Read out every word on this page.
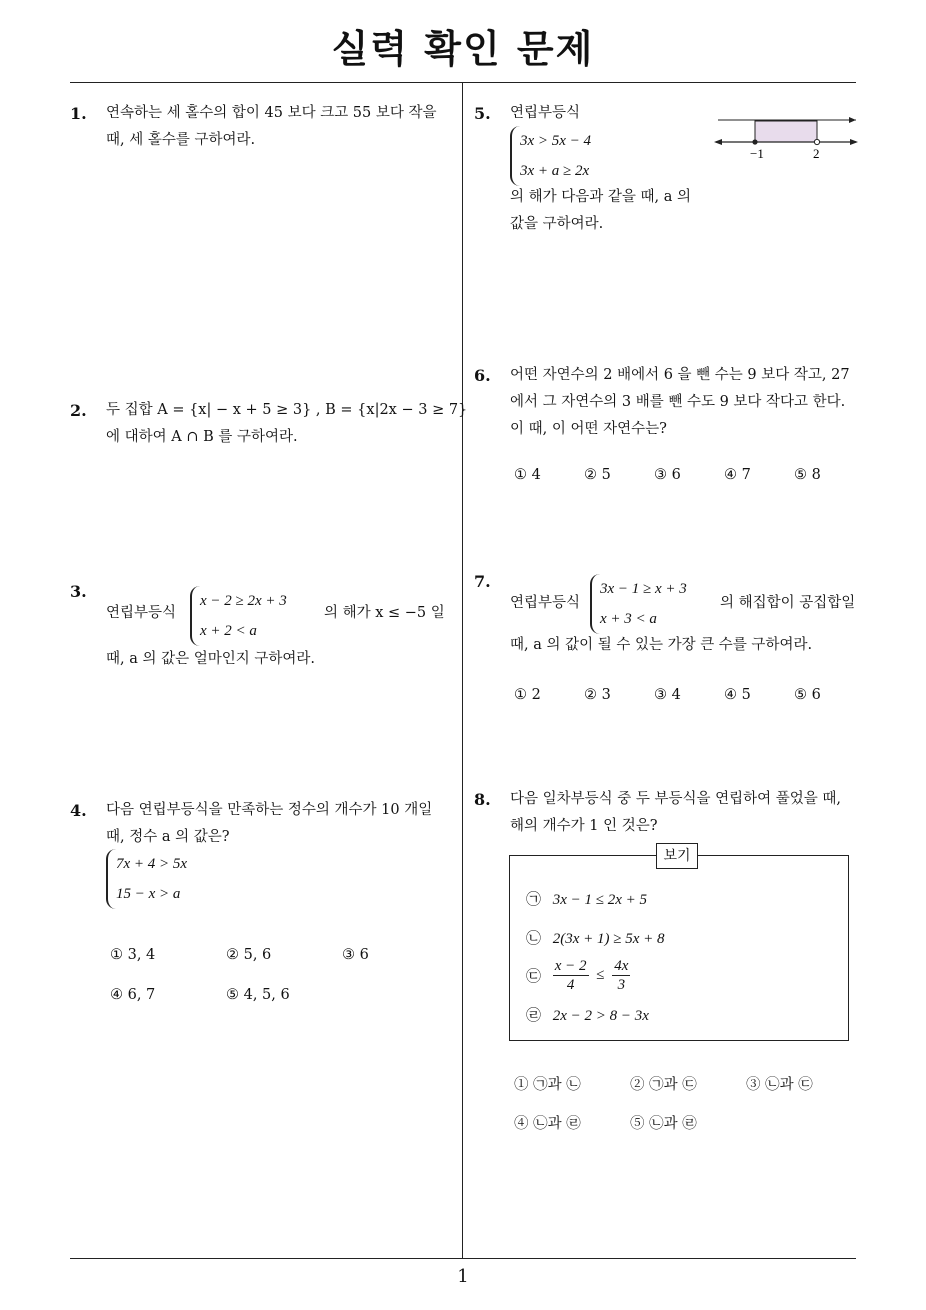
실력 확인 문제
1
1. 연속하는 세 홀수의 합이 45 보다 크고 55 보다 작을
때, 세 홀수를 구하여라.
2. 두 집합 A = {x| − x + 5 ≥ 3} , B = {x|2x − 3 ≥ 7}
에 대하여 A ∩ B 를 구하여라.
3.
연립부등식
x − 2 ≥ 2x + 3
x + 2 < a
의 해가 x ≤ −5 일
때, a 의 값은 얼마인지 구하여라.
4. 다음 연립부등식을 만족하는 정수의 개수가 10 개일
때, 정수 a 의 값은?
7x + 4 > 5x
15 − x > a
① 3, 4	② 5, 6	③ 6
④ 6, 7	⑤ 4, 5, 6
5. 연립부등식
3x > 5x − 4
3x + a ≥ 2x
의 해가 다음과 같을 때, a 의
값을 구하여라.
−1	2
6. 어떤 자연수의 2 배에서 6 을 뺀 수는 9 보다 작고, 27
에서 그 자연수의 3 배를 뺀 수도 9 보다 작다고 한다.
이 때, 이 어떤 자연수는?
① 4	② 5	③ 6	④ 7	⑤ 8
7.
연립부등식
3x − 1 ≥ x + 3
x + 3 < a
의 해집합이 공집합일
때, a 의 값이 될 수 있는 가장 큰 수를 구하여라.
① 2	② 3	③ 4	④ 5	⑤ 6
8. 다음 일차부등식 중 두 부등식을 연립하여 풀었을 때,
해의 개수가 1 인 것은?
보기
㉠ 3x − 1 ≤ 2x + 5
㉡ 2(3x + 1) ≥ 5x + 8
㉢ $\frac{x - 2}{4} \le \frac{4x}{3}$
㉣ 2x − 2 > 8 − 3x
① ㉠과 ㉡	② ㉠과 ㉢	③ ㉡과 ㉢
④ ㉡과 ㉣	⑤ ㉡과 ㉣
